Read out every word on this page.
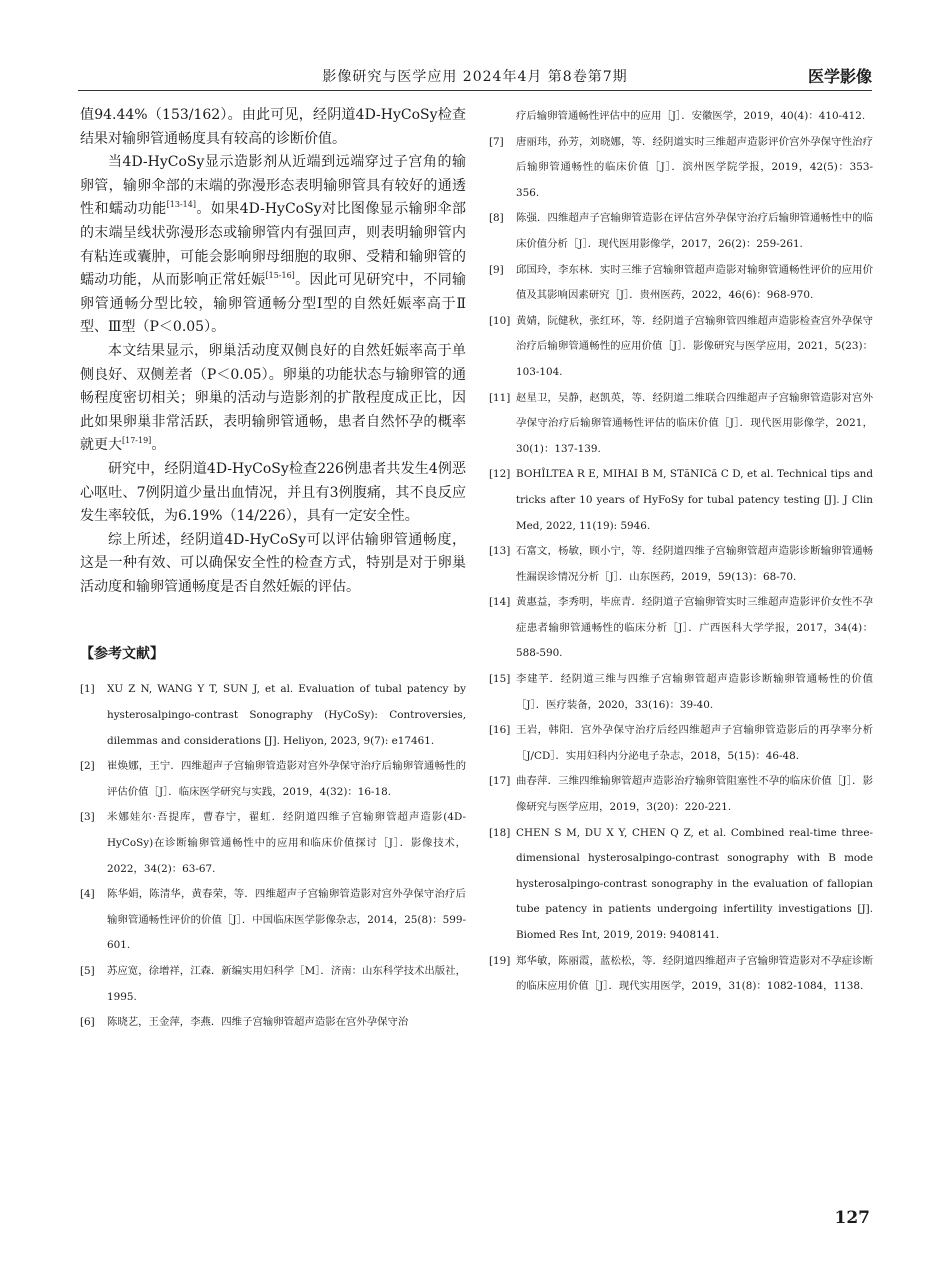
影像研究与医学应用 2024年4月 第8卷第7期	医学影像

值94.44%（153/162）。由此可见，经阴道4D-HyCoSy检查结果对输卵管通畅度具有较高的诊断价值。

当4D-HyCoSy显示造影剂从近端到远端穿过子宫角的输卵管，输卵伞部的末端的弥漫形态表明输卵管具有较好的通透性和蠕动功能[13-14]。如果4D-HyCoSy对比图像显示输卵伞部的末端呈线状弥漫形态或输卵管内有强回声，则表明输卵管内有粘连或囊肿，可能会影响卵母细胞的取卵、受精和输卵管的蠕动功能，从而影响正常妊娠[15-16]。因此可见研究中，不同输卵管通畅分型比较，输卵管通畅分型Ⅰ型的自然妊娠率高于Ⅱ型、Ⅲ型（P＜0.05）。

本文结果显示，卵巢活动度双侧良好的自然妊娠率高于单侧良好、双侧差者（P＜0.05）。卵巢的功能状态与输卵管的通畅程度密切相关；卵巢的活动与造影剂的扩散程度成正比，因此如果卵巢非常活跃，表明输卵管通畅，患者自然怀孕的概率就更大[17-19]。

研究中，经阴道4D-HyCoSy检查226例患者共发生4例恶心呕吐、7例阴道少量出血情况，并且有3例腹痛，其不良反应发生率较低，为6.19%（14/226），具有一定安全性。

综上所述，经阴道4D-HyCoSy可以评估输卵管通畅度，这是一种有效、可以确保安全性的检查方式，特别是对于卵巢活动度和输卵管通畅度是否自然妊娠的评估。

【参考文献】
[1]	XU Z N, WANG Y T, SUN J, et al. Evaluation of tubal patency by hysterosalpingo-contrast Sonography (HyCoSy): Controversies, dilemmas and considerations [J]. Heliyon, 2023, 9(7): e17461.
[2]	崔焕娜，王宁．四维超声子宫输卵管造影对宫外孕保守治疗后输卵管通畅性的评估价值［J］．临床医学研究与实践，2019，4(32)：16-18.
[3]	米娜娃尔·吾提库，曹春宁，翟虹．经阴道四维子宫输卵管超声造影(4D-HyCoSy)在诊断输卵管通畅性中的应用和临床价值探讨［J］．影像技术，2022，34(2)：63-67.
[4]	陈华娟，陈清华，黄春荣，等．四维超声子宫输卵管造影对宫外孕保守治疗后输卵管通畅性评价的价值［J］．中国临床医学影像杂志，2014，25(8)：599-601.
[5]	苏应宽，徐增祥，江森．新编实用妇科学［M］．济南：山东科学技术出版社，1995.
[6]	陈晓艺，王金萍，李燕．四维子宫输卵管超声造影在宫外孕保守治
疗后输卵管通畅性评估中的应用［J］．安徽医学，2019，40(4)：410-412.
[7]	唐丽玮，孙芳，刘晓娜，等．经阴道实时三维超声造影评价宫外孕保守性治疗后输卵管通畅性的临床价值［J］．滨州医学院学报，2019，42(5)：353-356.
[8]	陈强．四维超声子宫输卵管造影在评估宫外孕保守治疗后输卵管通畅性中的临床价值分析［J］．现代医用影像学，2017，26(2)：259-261.
[9]	邱国玲，李东林．实时三维子宫输卵管超声造影对输卵管通畅性评价的应用价值及其影响因素研究［J］．贵州医药，2022，46(6)：968-970.
[10] 黄婧，阮健秋，张红环，等．经阴道子宫输卵管四维超声造影检查宫外孕保守治疗后输卵管通畅性的应用价值［J］．影像研究与医学应用，2021，5(23)：103-104.
[11] 赵星卫，吴静，赵凯英，等．经阴道二维联合四维超声子宫输卵管造影对宫外孕保守治疗后输卵管通畅性评估的临床价值［J］．现代医用影像学，2021，30(1)：137-139.
[12] BOHÎLTEA R E, MIHAI B M, STăNICă C D, et al. Technical tips and tricks after 10 years of HyFoSy for tubal patency testing [J]. J Clin Med, 2022, 11(19): 5946.
[13] 石富文，杨敏，顾小宁，等．经阴道四维子宫输卵管超声造影诊断输卵管通畅性漏误诊情况分析［J］．山东医药，2019，59(13)：68-70.
[14] 黄惠益，李秀明，毕庶青．经阴道子宫输卵管实时三维超声造影评价女性不孕症患者输卵管通畅性的临床分析［J］．广西医科大学学报，2017，34(4)：588-590.
[15] 李建芊．经阴道三维与四维子宫输卵管超声造影诊断输卵管通畅性的价值［J］．医疗装备，2020，33(16)：39-40.
[16] 王岩，韩阳．宫外孕保守治疗后经四维超声子宫输卵管造影后的再孕率分析［J/CD］．实用妇科内分泌电子杂志，2018，5(15)：46-48.
[17] 曲春萍．三维四维输卵管超声造影治疗输卵管阻塞性不孕的临床价值［J］．影像研究与医学应用，2019，3(20)：220-221.
[18] CHEN S M, DU X Y, CHEN Q Z, et al. Combined real-time three-dimensional hysterosalpingo-contrast sonography with B mode hysterosalpingo-contrast sonography in the evaluation of fallopian tube patency in patients undergoing infertility investigations [J]. Biomed Res Int, 2019, 2019: 9408141.
[19] 郑华敏，陈丽霞，蓝松松，等．经阴道四维超声子宫输卵管造影对不孕症诊断的临床应用价值［J］．现代实用医学，2019，31(8)：1082-1084，1138.
127
